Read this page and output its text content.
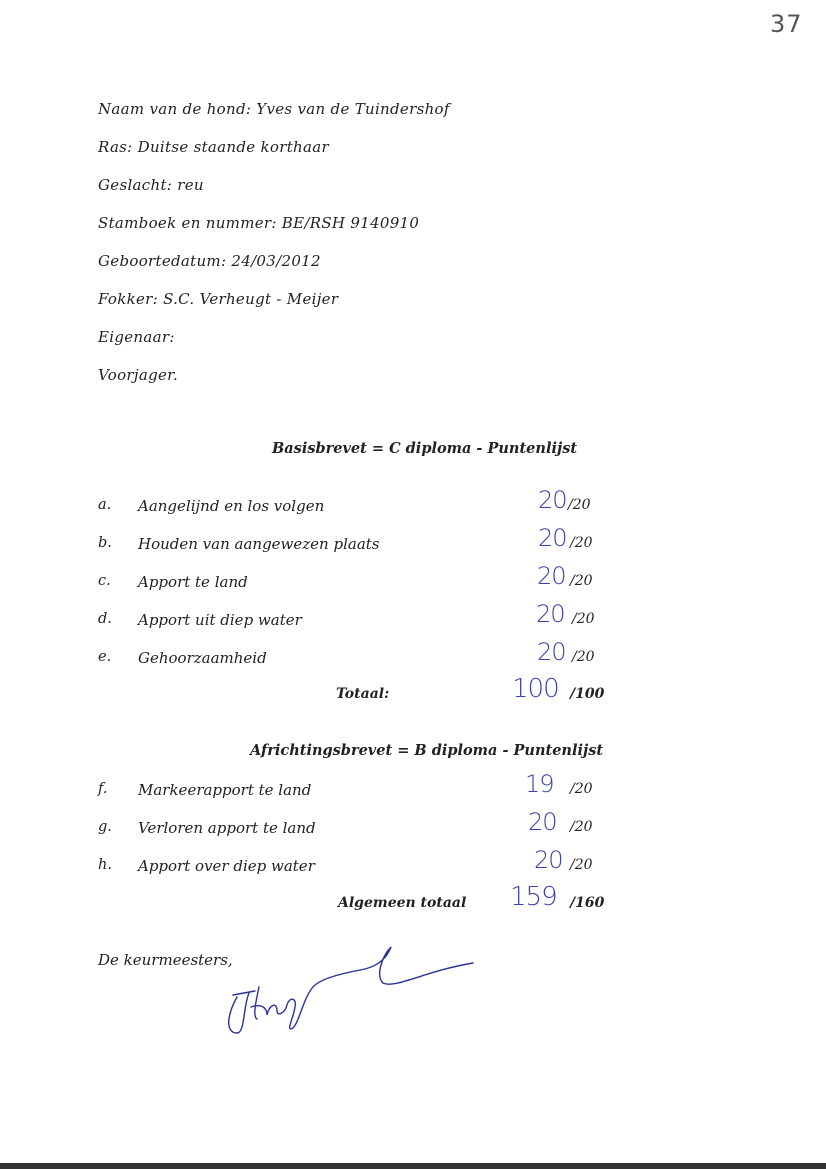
37
Naam van de hond: Yves van de Tuindershof
Ras: Duitse staande korthaar
Geslacht: reu
Stamboek en nummer: BE/RSH 9140910
Geboortedatum: 24/03/2012
Fokker: S.C. Verheugt - Meijer
Eigenaar:
Voorjager.
Basisbrevet = C diploma - Puntenlijst
a. Aangelijnd en los volgen	20 /20
b. Houden van aangewezen plaats	20 /20
c. Apport te land	20 /20
d. Apport uit diep water	20 /20
e. Gehoorzaamheid	20 /20
Totaal:	100 /100
Africhtingsbrevet = B diploma - Puntenlijst
f. Markeerapport te land	19 /20
g. Verloren apport te land	20 /20
h. Apport over diep water	20 /20
Algemeen totaal 159 /160
De keurmeesters,
